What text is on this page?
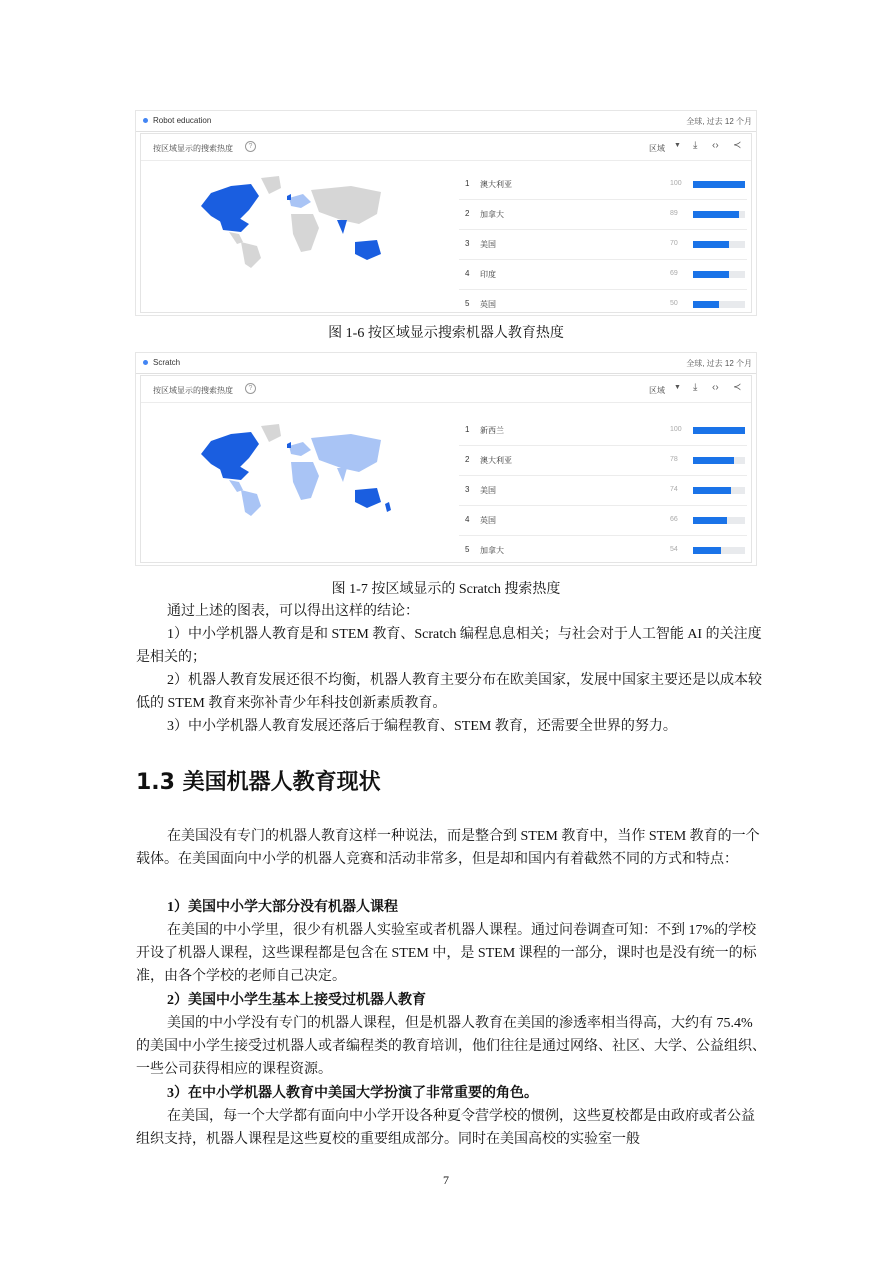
Robot education	全球, 过去 12 个月
按区域显示的搜索热度	?	区域 ▼ ⤓ ‹› ≺
1 澳大利亚	100
2 加拿大	89
3 美国	70
4 印度	69
5 英国	50
图 1-6 按区域显示搜索机器人教育热度
Scratch	全球, 过去 12 个月
按区域显示的搜索热度	?	区域 ▼ ⤓ ‹› ≺
1 新西兰	100
2 澳大利亚	78
3 美国	74
4 英国	66
5 加拿大	54
图 1-7 按区域显示的 Scratch 搜索热度
通过上述的图表，可以得出这样的结论：
1）中小学机器人教育是和 STEM 教育、Scratch 编程息息相关；与社会对于人工智能 AI 的关注度是相关的；
2）机器人教育发展还很不均衡，机器人教育主要分布在欧美国家，发展中国家主要还是以成本较低的 STEM 教育来弥补青少年科技创新素质教育。
3）中小学机器人教育发展还落后于编程教育、STEM 教育，还需要全世界的努力。
1.3 美国机器人教育现状
在美国没有专门的机器人教育这样一种说法，而是整合到 STEM 教育中，当作 STEM 教育的一个载体。在美国面向中小学的机器人竞赛和活动非常多，但是却和国内有着截然不同的方式和特点：
1）美国中小学大部分没有机器人课程
在美国的中小学里，很少有机器人实验室或者机器人课程。通过问卷调查可知：不到 17%的学校开设了机器人课程，这些课程都是包含在 STEM 中，是 STEM 课程的一部分，课时也是没有统一的标准，由各个学校的老师自己决定。
2）美国中小学生基本上接受过机器人教育
美国的中小学没有专门的机器人课程，但是机器人教育在美国的渗透率相当得高，大约有 75.4%的美国中小学生接受过机器人或者编程类的教育培训，他们往往是通过网络、社区、大学、公益组织、一些公司获得相应的课程资源。
3）在中小学机器人教育中美国大学扮演了非常重要的角色。
在美国，每一个大学都有面向中小学开设各种夏令营学校的惯例，这些夏校都是由政府或者公益组织支持，机器人课程是这些夏校的重要组成部分。同时在美国高校的实验室一般
7
